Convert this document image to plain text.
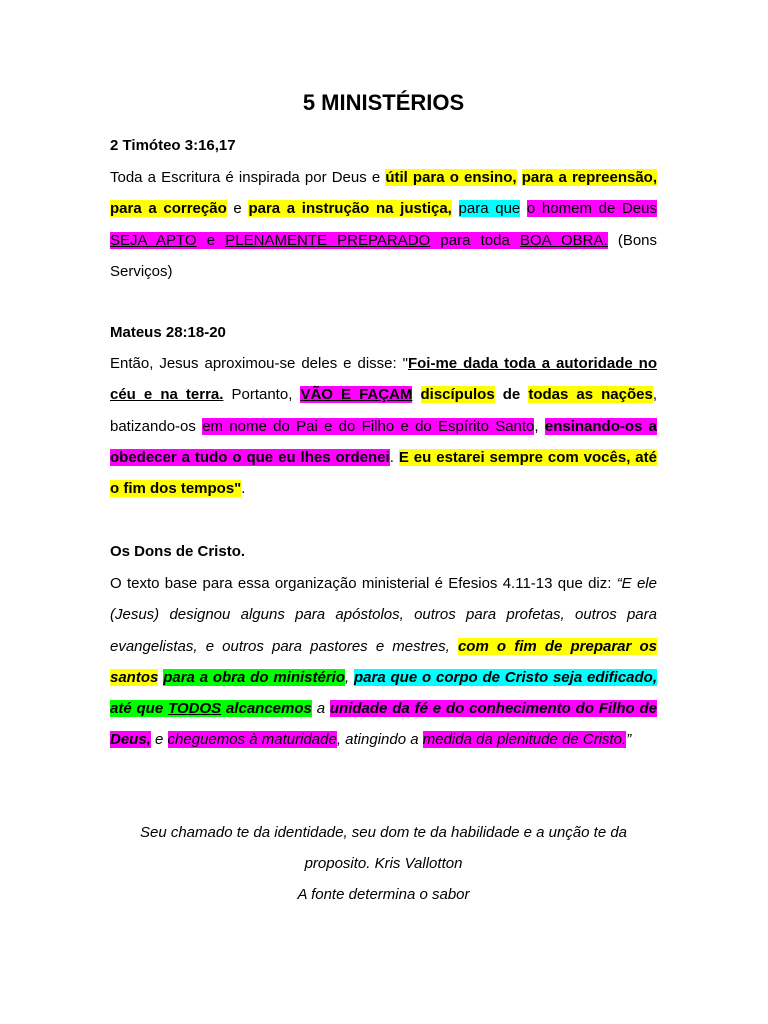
5 MINISTÉRIOS

2 Timóteo 3:16,17

Toda a Escritura é inspirada por Deus e útil para o ensino, para a repreensão, para a correção e para a instrução na justiça, para que o homem de Deus SEJA APTO e PLENAMENTE PREPARADO para toda BOA OBRA. (Bons Serviços)

Mateus 28:18-20

Então, Jesus aproximou-se deles e disse: "Foi-me dada toda a autoridade no céu e na terra. Portanto, VÃO E FAÇAM discípulos de todas as nações, batizando-os em nome do Pai e do Filho e do Espírito Santo, ensinando-os a obedecer a tudo o que eu lhes ordenei. E eu estarei sempre com vocês, até o fim dos tempos".

Os Dons de Cristo.

O texto base para essa organização ministerial é Efesios 4.11-13 que diz: “E ele (Jesus) designou alguns para apóstolos, outros para profetas, outros para evangelistas, e outros para pastores e mestres, com o fim de preparar os santos para a obra do ministério, para que o corpo de Cristo seja edificado, até que TODOS alcancemos a unidade da fé e do conhecimento do Filho de Deus, e cheguemos à maturidade, atingindo a medida da plenitude de Cristo.”

Seu chamado te da identidade, seu dom te da habilidade e a unção te da proposito. Kris Vallotton

A fonte determina o sabor
